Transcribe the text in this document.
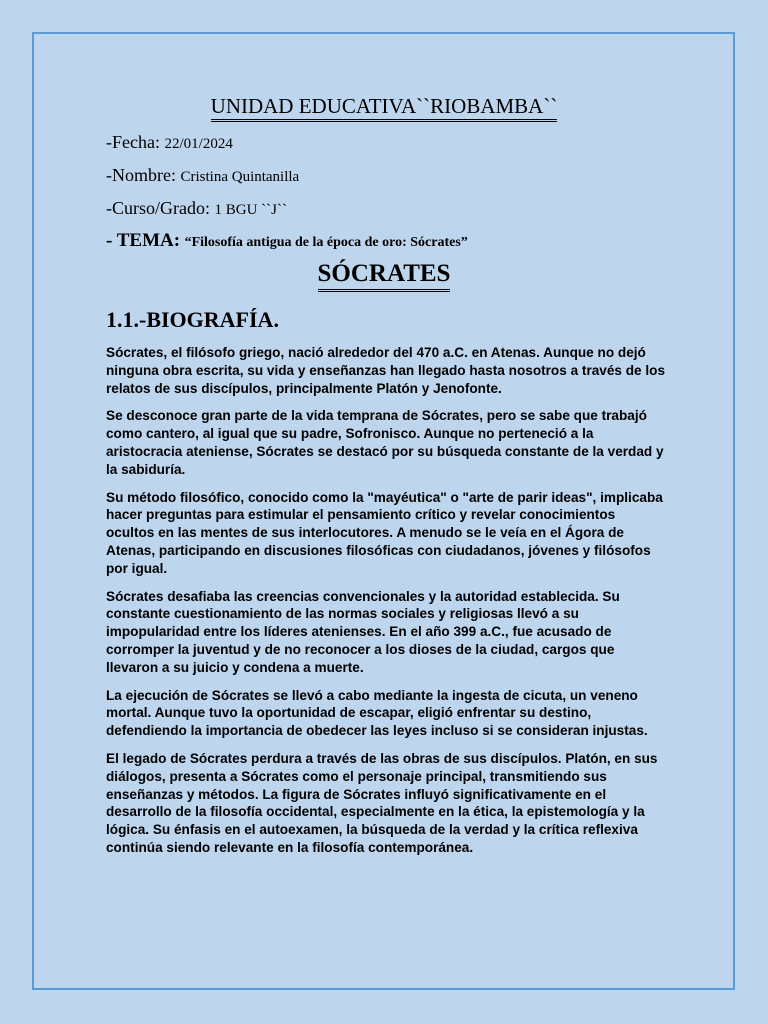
UNIDAD EDUCATIVA``RIOBAMBA``
-Fecha: 22/01/2024
-Nombre: Cristina Quintanilla
-Curso/Grado: 1 BGU ``J``
- TEMA: “Filosofía antigua de la época de oro: Sócrates”
SÓCRATES
1.1.-BIOGRAFÍA.

Sócrates, el filósofo griego, nació alrededor del 470 a.C. en Atenas. Aunque no dejó ninguna obra escrita, su vida y enseñanzas han llegado hasta nosotros a través de los relatos de sus discípulos, principalmente Platón y Jenofonte.

Se desconoce gran parte de la vida temprana de Sócrates, pero se sabe que trabajó como cantero, al igual que su padre, Sofronisco. Aunque no perteneció a la aristocracia ateniense, Sócrates se destacó por su búsqueda constante de la verdad y la sabiduría.

Su método filosófico, conocido como la "mayéutica" o "arte de parir ideas", implicaba hacer preguntas para estimular el pensamiento crítico y revelar conocimientos ocultos en las mentes de sus interlocutores. A menudo se le veía en el Ágora de Atenas, participando en discusiones filosóficas con ciudadanos, jóvenes y filósofos por igual.

Sócrates desafiaba las creencias convencionales y la autoridad establecida. Su constante cuestionamiento de las normas sociales y religiosas llevó a su impopularidad entre los líderes atenienses. En el año 399 a.C., fue acusado de corromper la juventud y de no reconocer a los dioses de la ciudad, cargos que llevaron a su juicio y condena a muerte.

La ejecución de Sócrates se llevó a cabo mediante la ingesta de cicuta, un veneno mortal. Aunque tuvo la oportunidad de escapar, eligió enfrentar su destino, defendiendo la importancia de obedecer las leyes incluso si se consideran injustas.

El legado de Sócrates perdura a través de las obras de sus discípulos. Platón, en sus diálogos, presenta a Sócrates como el personaje principal, transmitiendo sus enseñanzas y métodos. La figura de Sócrates influyó significativamente en el desarrollo de la filosofía occidental, especialmente en la ética, la epistemología y la lógica. Su énfasis en el autoexamen, la búsqueda de la verdad y la crítica reflexiva continúa siendo relevante en la filosofía contemporánea.
